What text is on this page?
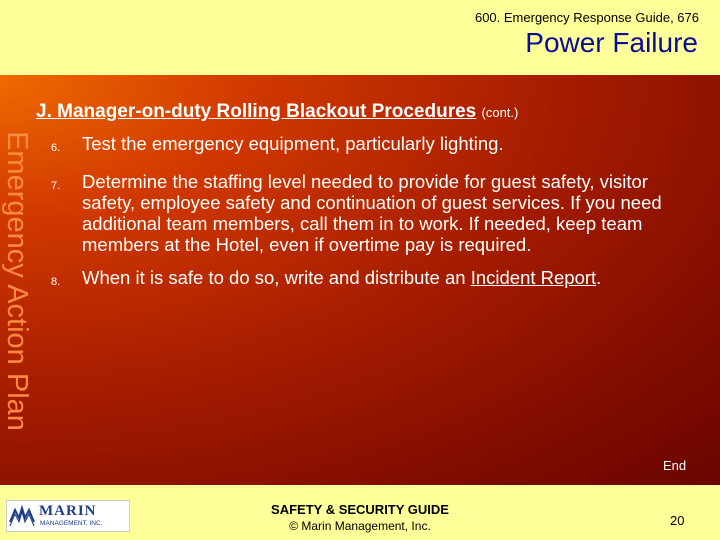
600. Emergency Response Guide, 676
Power Failure
Emergency Action Plan
J. Manager-on-duty Rolling Blackout Procedures (cont.)
6.	Test the emergency equipment, particularly lighting.
7.	Determine the staffing level needed to provide for guest safety, visitor safety, employee safety and continuation of guest services. If you need additional team members, call them in to work. If needed, keep team members at the Hotel, even if overtime pay is required.
8.	When it is safe to do so, write and distribute an Incident Report.
End
MARIN
MANAGEMENT, INC.
SAFETY & SECURITY GUIDE
© Marin Management, Inc.	20
